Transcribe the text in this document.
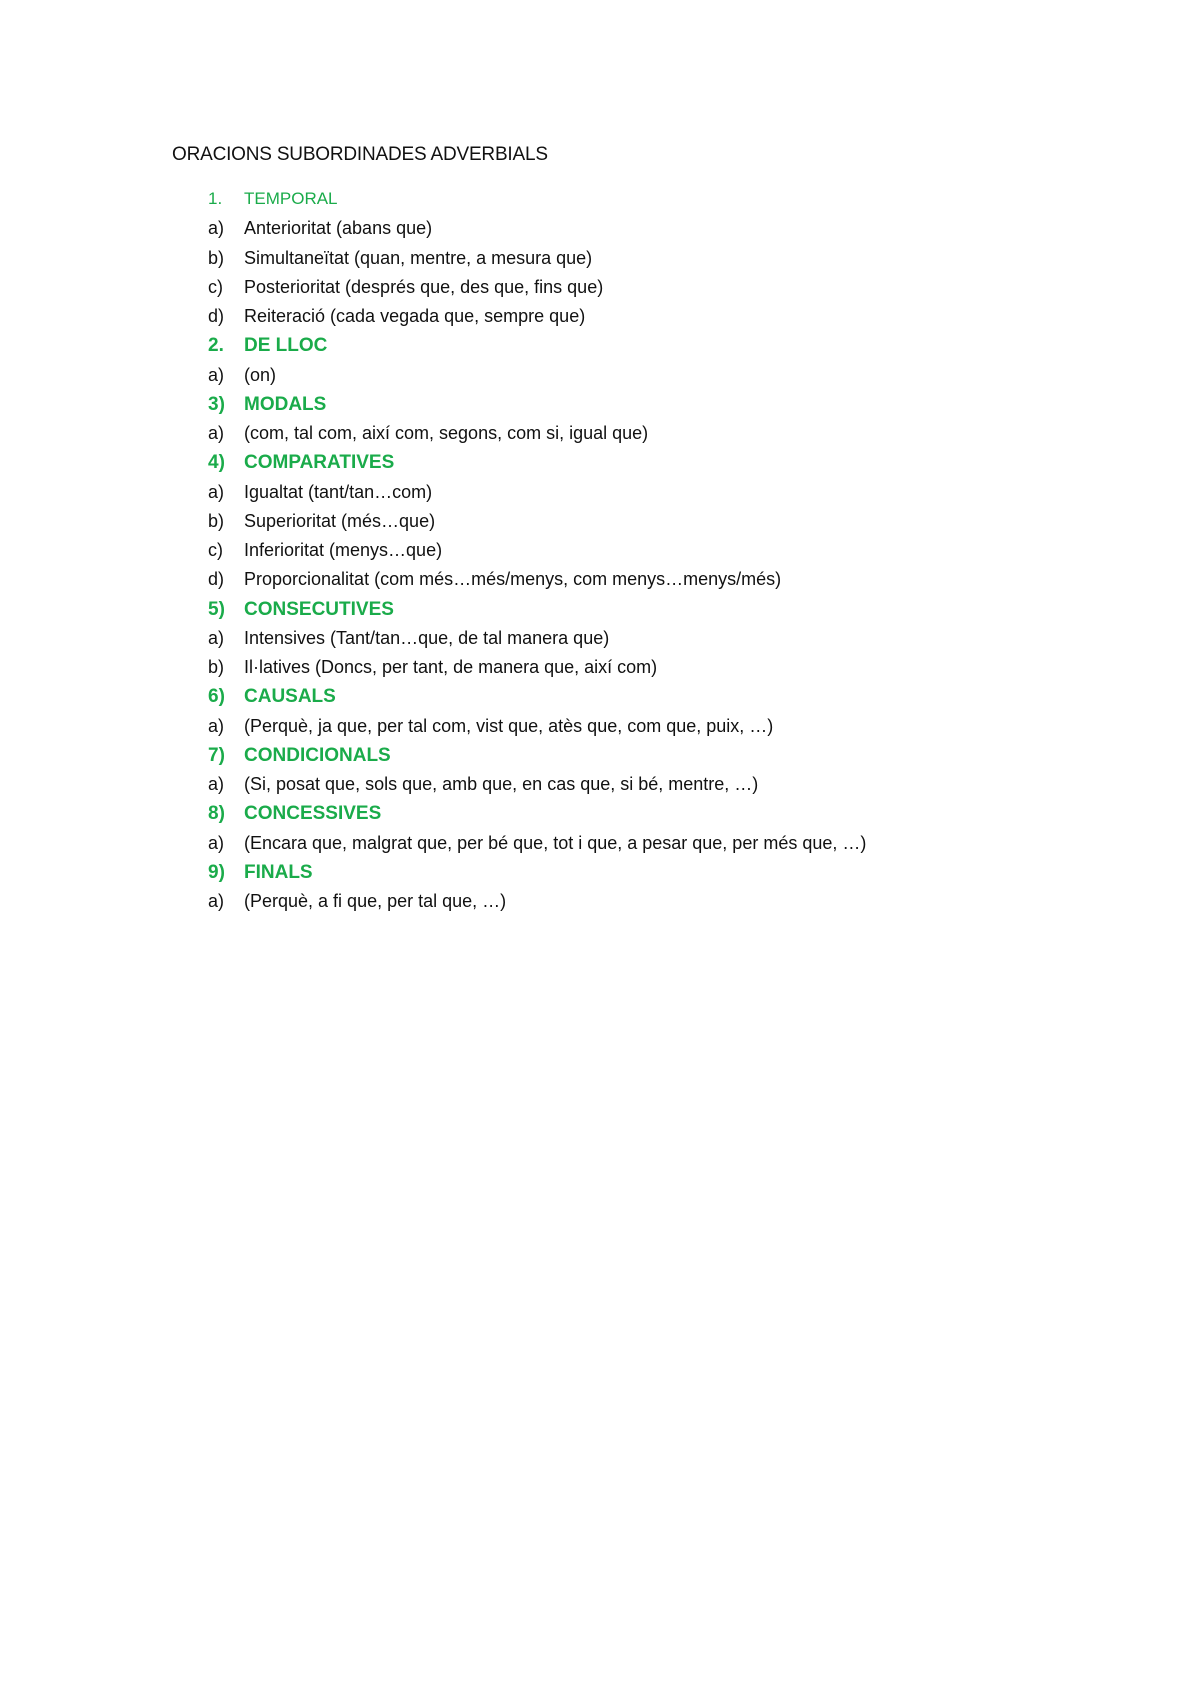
ORACIONS SUBORDINADES ADVERBIALS
1.	TEMPORAL
a)	Anterioritat (abans que)
b)	Simultaneïtat (quan, mentre, a mesura que)
c)	Posterioritat (després que, des que, fins que)
d)	Reiteració (cada vegada que, sempre que)
2.	DE LLOC
a)	(on)
3)	MODALS
a)	(com, tal com, així com, segons, com si, igual que)
4)	COMPARATIVES
a)	Igualtat (tant/tan…com)
b)	Superioritat (més…que)
c)	Inferioritat (menys…que)
d)	Proporcionalitat (com més…més/menys, com menys…menys/més)
5)	CONSECUTIVES
a)	Intensives (Tant/tan…que, de tal manera que)
b)	Il·latives (Doncs, per tant, de manera que, així com)
6)	CAUSALS
a)	(Perquè, ja que, per tal com, vist que, atès que, com que, puix, …)
7)	CONDICIONALS
a)	(Si, posat que, sols que, amb que, en cas que, si bé, mentre, …)
8)	CONCESSIVES
a)	(Encara que, malgrat que, per bé que, tot i que, a pesar que, per més que, …)
9)	FINALS
a)	(Perquè, a fi que, per tal que, …)
